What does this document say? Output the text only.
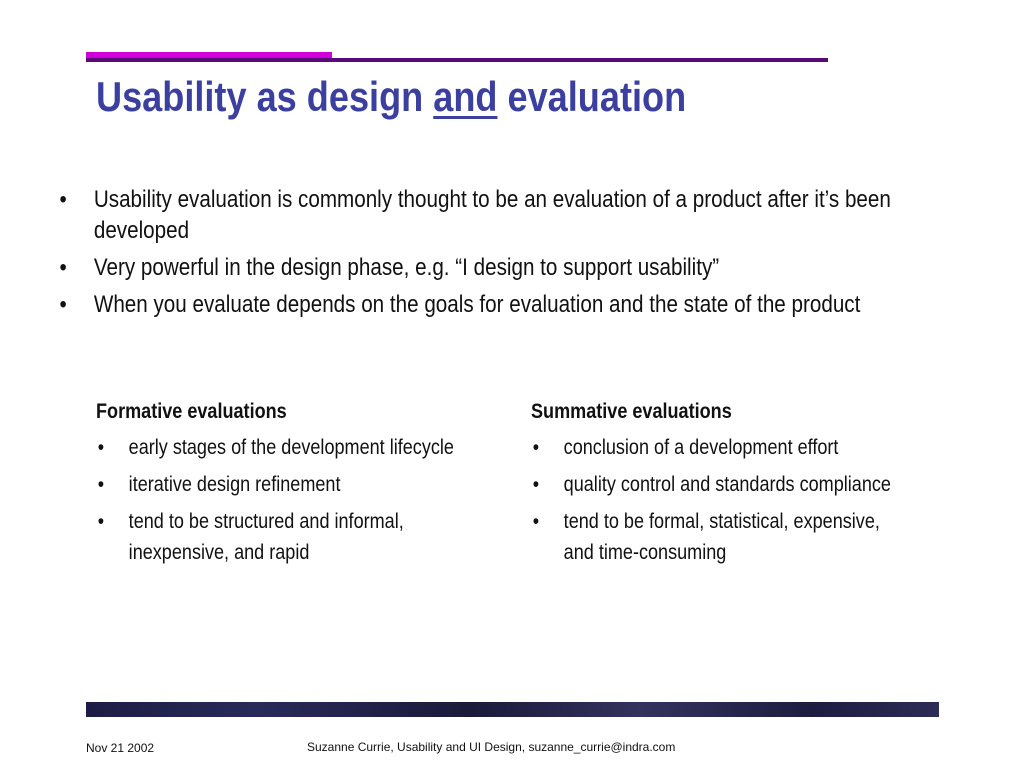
Usability as design and evaluation
• Usability evaluation is commonly thought to be an evaluation of a product after it’s been developed
• Very powerful in the design phase, e.g. “I design to support usability”
• When you evaluate depends on the goals for evaluation and the state of the product
Formative evaluations
• early stages of the development lifecycle
• iterative design refinement
• tend to be structured and informal, inexpensive, and rapid
Summative evaluations
• conclusion of a development effort
• quality control and standards compliance
• tend to be formal, statistical, expensive, and time-consuming
Nov 21 2002	Suzanne Currie, Usability and UI Design, suzanne_currie@indra.com
